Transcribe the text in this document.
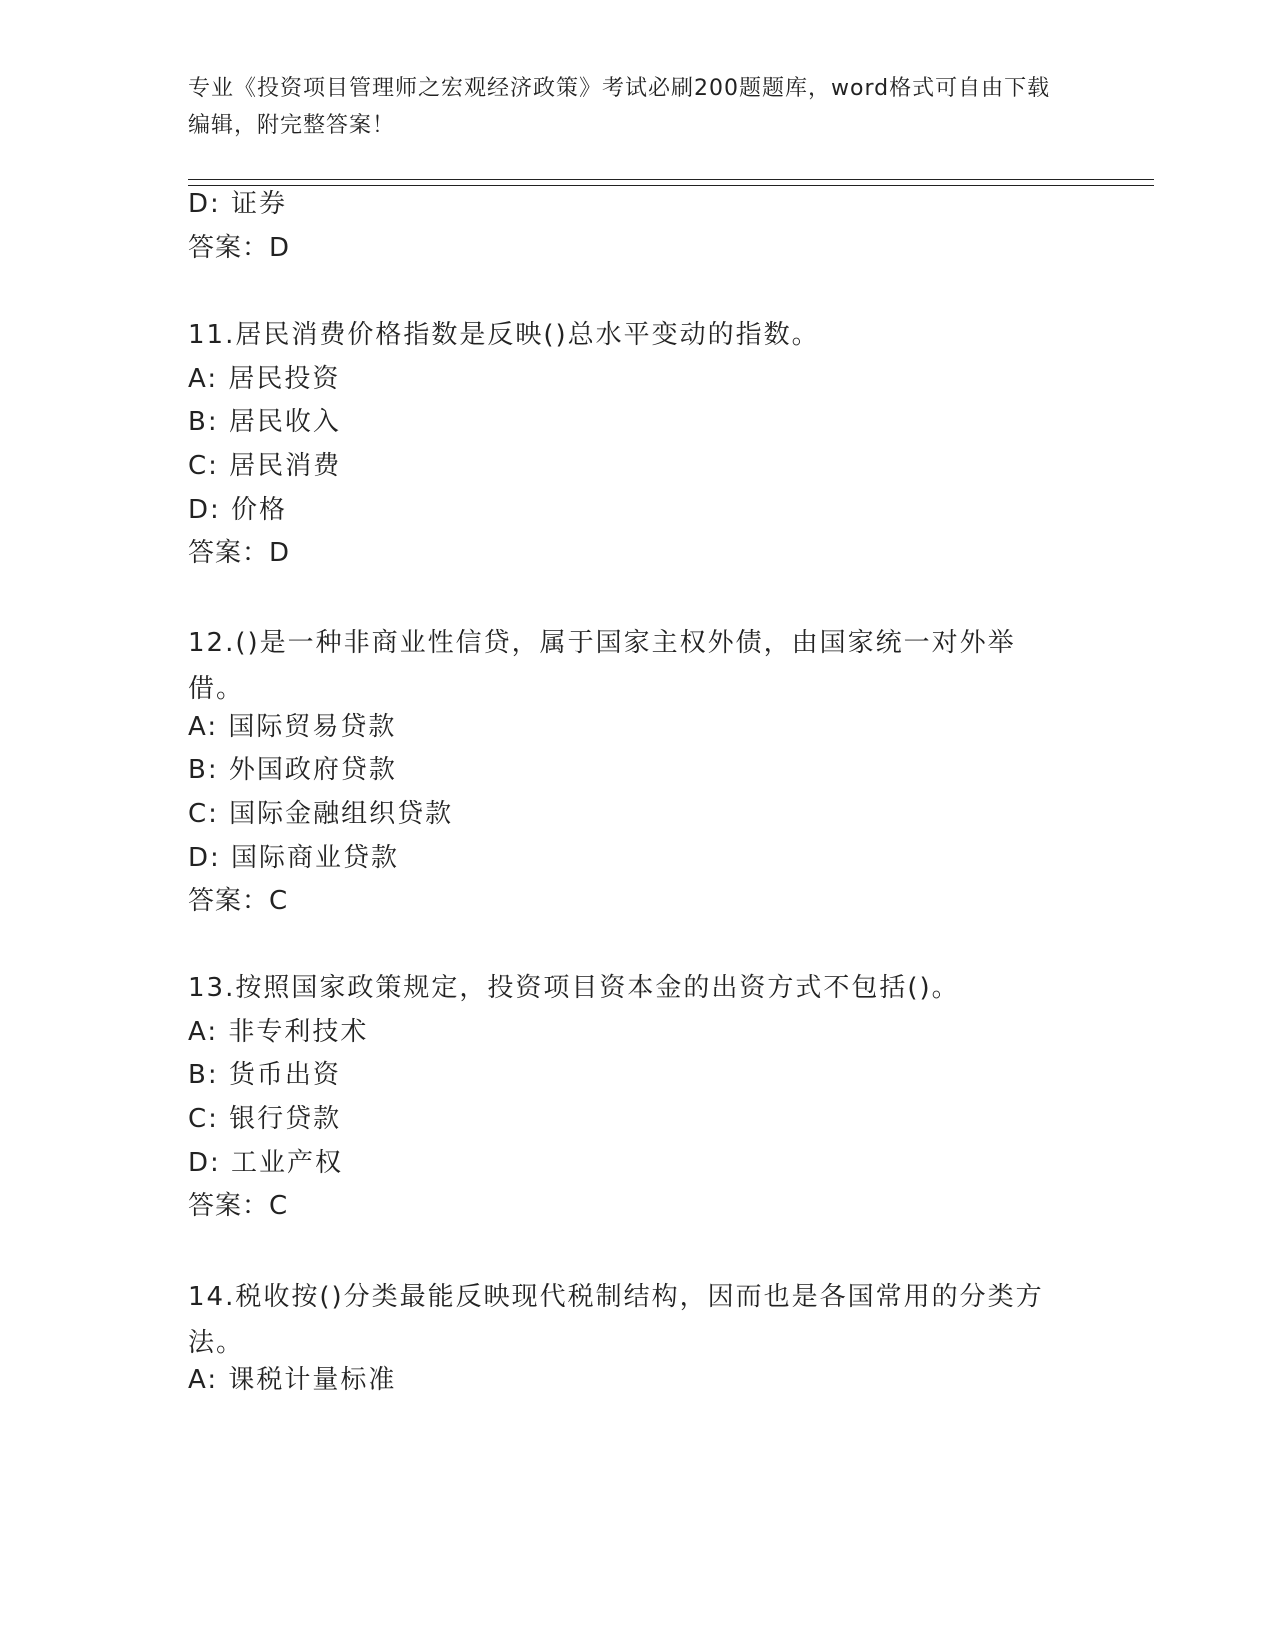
专业《投资项目管理师之宏观经济政策》考试必刷200题题库，word格式可自由下载编辑，附完整答案！
D: 证券
答案：D
11.居民消费价格指数是反映()总水平变动的指数。
A: 居民投资
B: 居民收入
C: 居民消费
D: 价格
答案：D
12.()是一种非商业性信贷，属于国家主权外债，由国家统一对外举借。
A: 国际贸易贷款
B: 外国政府贷款
C: 国际金融组织贷款
D: 国际商业贷款
答案：C
13.按照国家政策规定，投资项目资本金的出资方式不包括()。
A: 非专利技术
B: 货币出资
C: 银行贷款
D: 工业产权
答案：C
14.税收按()分类最能反映现代税制结构，因而也是各国常用的分类方法。
A: 课税计量标准
